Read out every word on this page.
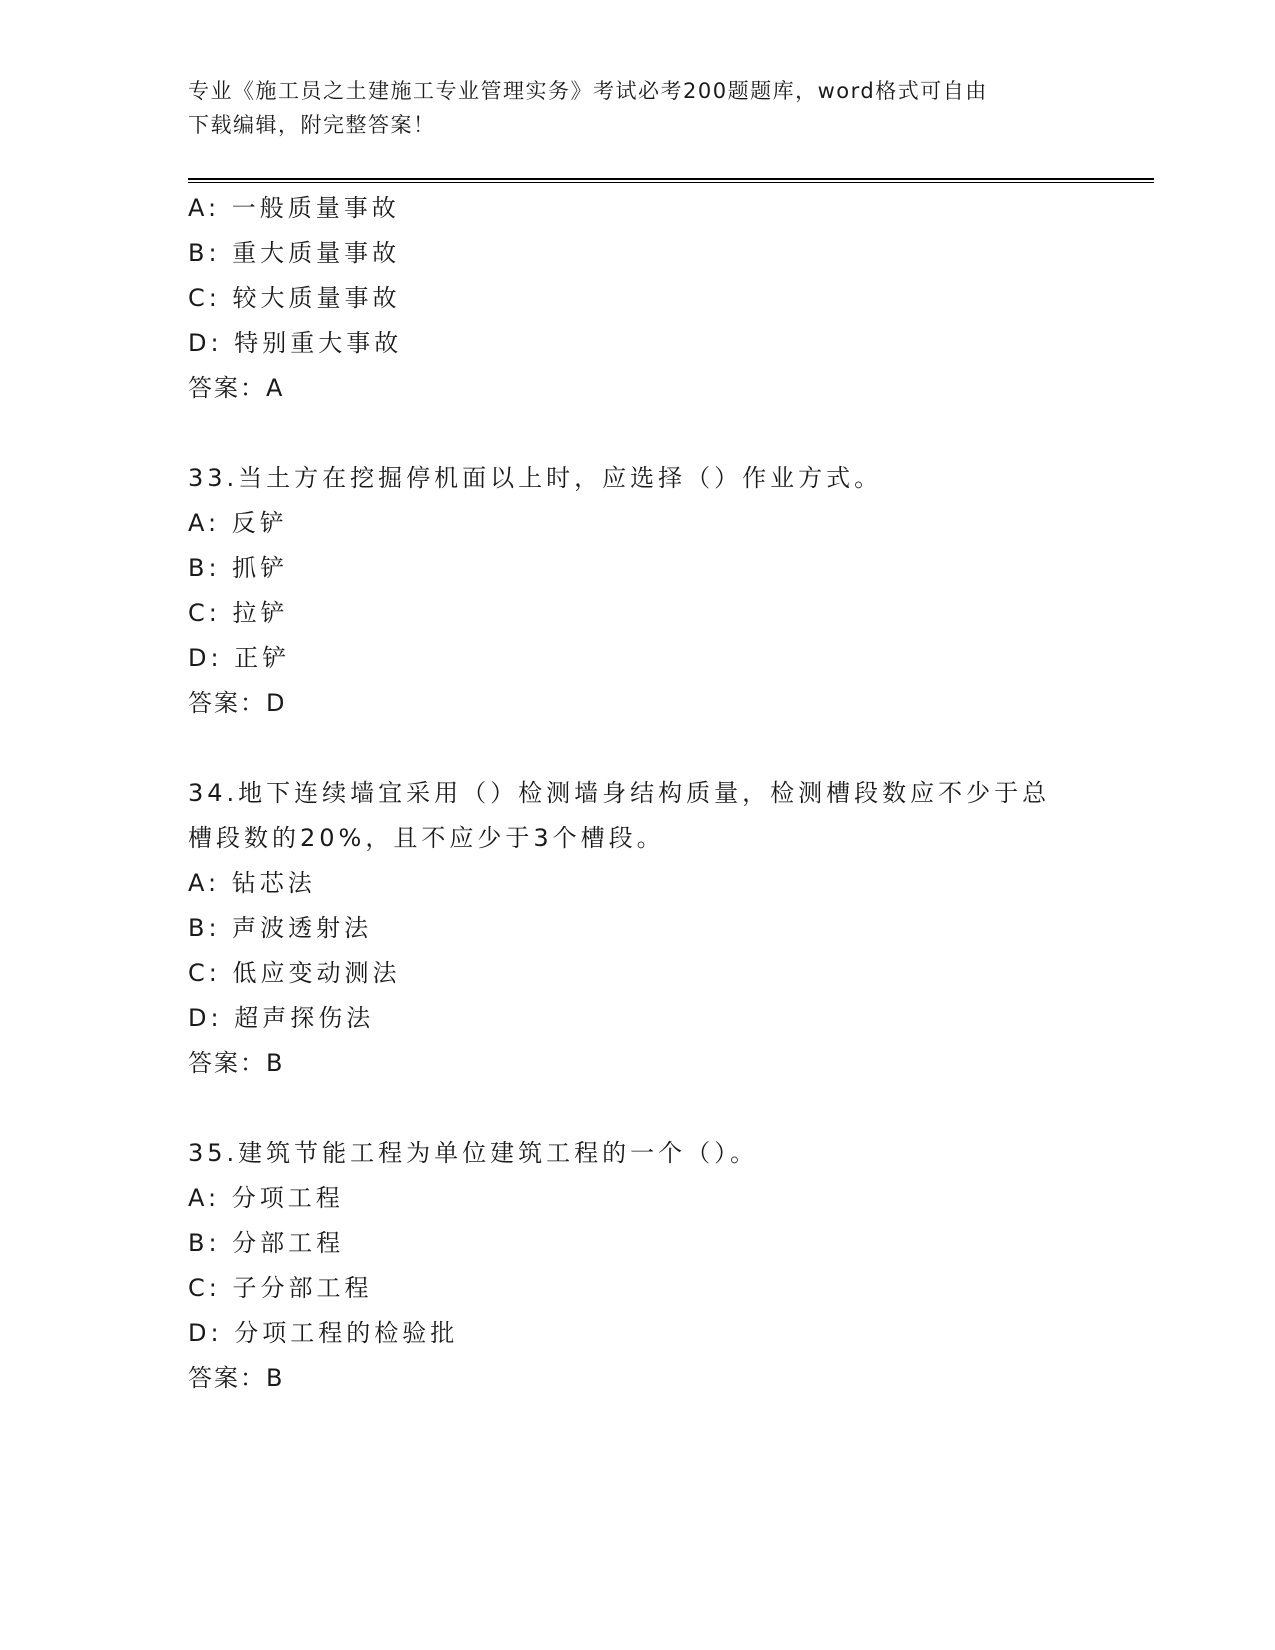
专业《施工员之土建施工专业管理实务》考试必考200题题库，word格式可自由
下载编辑，附完整答案！
A: 一般质量事故
B: 重大质量事故
C: 较大质量事故
D: 特别重大事故
答案：A
33.当土方在挖掘停机面以上时，应选择（）作业方式。
A: 反铲
B: 抓铲
C: 拉铲
D: 正铲
答案：D
34.地下连续墙宜采用（）检测墙身结构质量，检测槽段数应不少于总
槽段数的20%，且不应少于3个槽段。
A: 钻芯法
B: 声波透射法
C: 低应变动测法
D: 超声探伤法
答案：B
35.建筑节能工程为单位建筑工程的一个（）。
A: 分项工程
B: 分部工程
C: 子分部工程
D: 分项工程的检验批
答案：B
